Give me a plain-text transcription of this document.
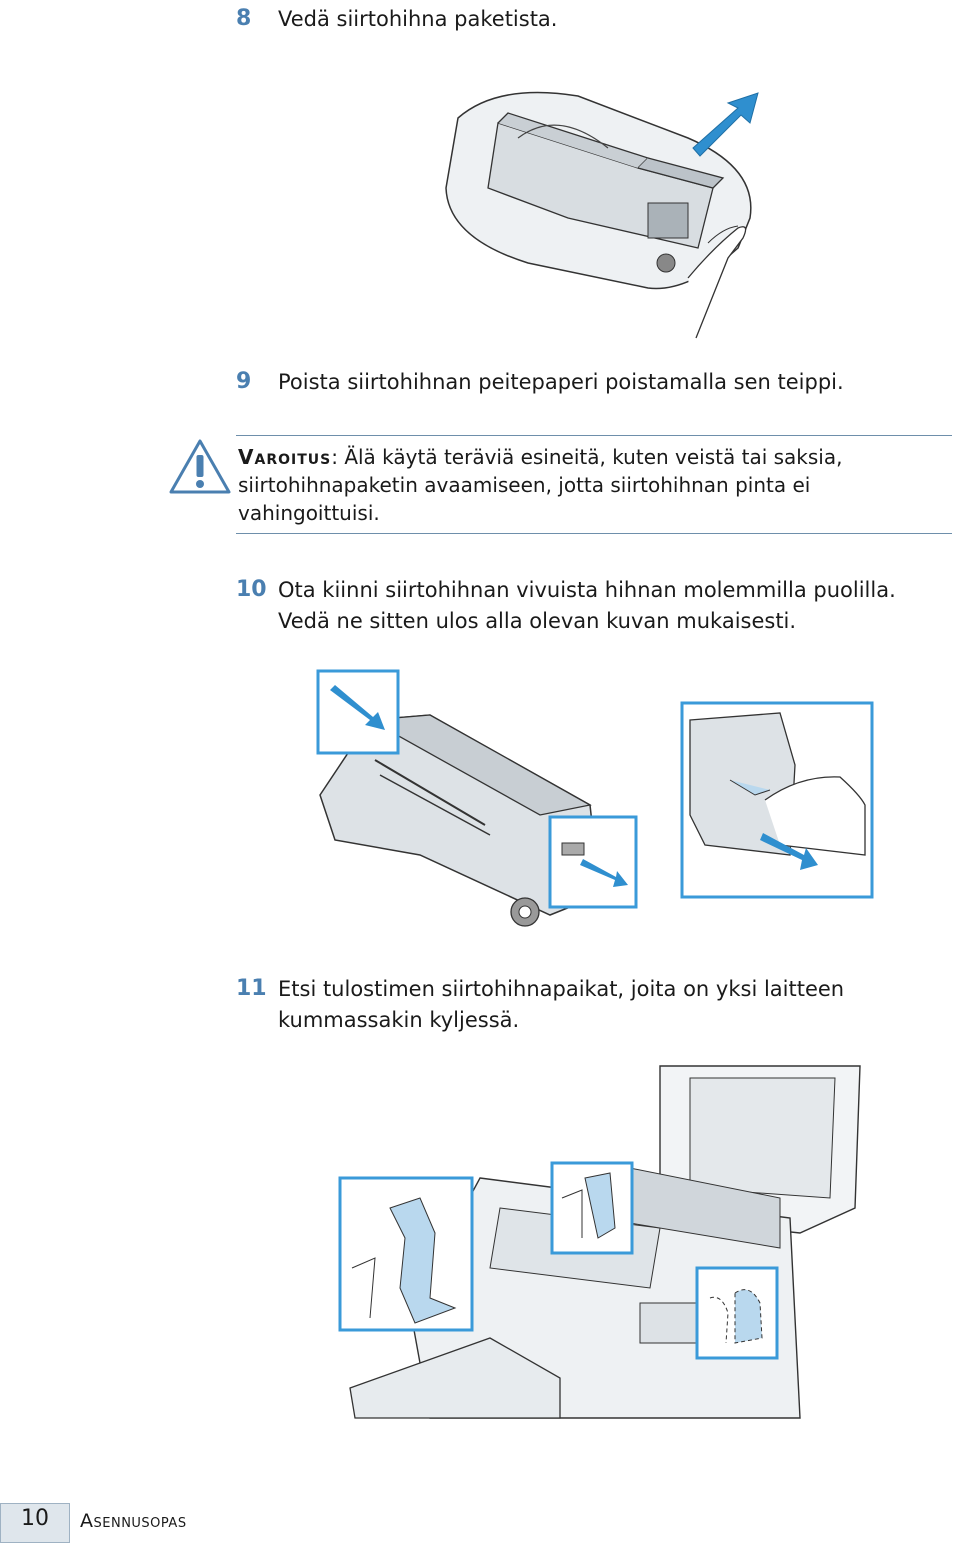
8 Vedä siirtohihna paketista.
9 Poista siirtohihnan peitepaperi poistamalla sen teippi.
Varoitus: Älä käytä teräviä esineitä, kuten veistä tai saksia, siirtohihnapaketin avaamiseen, jotta siirtohihnan pinta ei vahingoittuisi.
10 Ota kiinni siirtohihnan vivuista hihnan molemmilla puolilla.
Vedä ne sitten ulos alla olevan kuvan mukaisesti.
11 Etsi tulostimen siirtohihnapaikat, joita on yksi laitteen
kummassakin kyljessä.
10	Asennusopas
